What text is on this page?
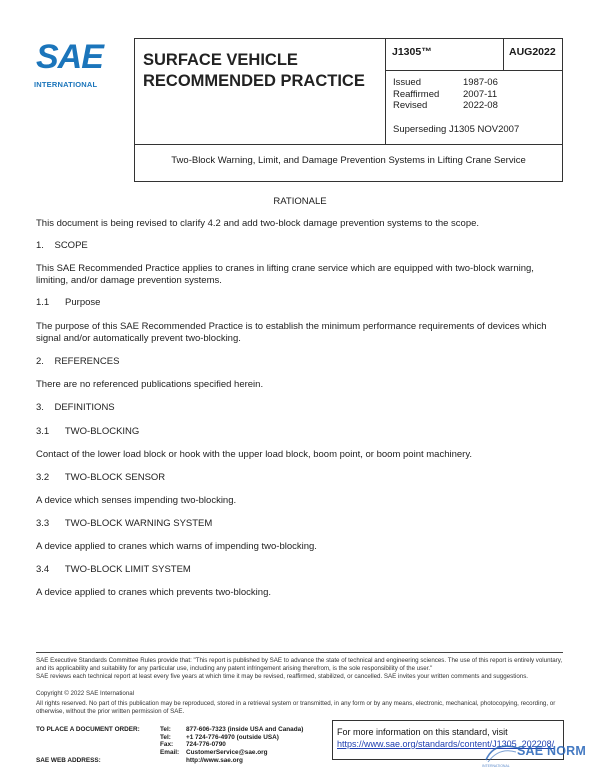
SAE
INTERNATIONAL
SURFACE VEHICLE
RECOMMENDED PRACTICE
J1305™	AUG2022
Issued
Reaffirmed
Revised
1987-06
2007-11
2022-08
Superseding J1305 NOV2007
Two-Block Warning, Limit, and Damage Prevention Systems in Lifting Crane Service
RATIONALE
This document is being revised to clarify 4.2 and add two-block damage prevention systems to the scope.
1.    SCOPE
This SAE Recommended Practice applies to cranes in lifting crane service which are equipped with two-block warning, limiting, and/or damage prevention systems.
1.1      Purpose
The purpose of this SAE Recommended Practice is to establish the minimum performance requirements of devices which signal and/or automatically prevent two-blocking.
2.    REFERENCES
There are no referenced publications specified herein.
3.    DEFINITIONS
3.1      TWO-BLOCKING
Contact of the lower load block or hook with the upper load block, boom point, or boom point machinery.
3.2      TWO-BLOCK SENSOR
A device which senses impending two-blocking.
3.3      TWO-BLOCK WARNING SYSTEM
A device applied to cranes which warns of impending two-blocking.
3.4      TWO-BLOCK LIMIT SYSTEM
A device applied to cranes which prevents two-blocking.
SAE Executive Standards Committee Rules provide that: "This report is published by SAE to advance the state of technical and engineering sciences. The use of this report is entirely voluntary, and its applicability and suitability for any particular use, including any patent infringement arising therefrom, is the sole responsibility of the user."
SAE reviews each technical report at least every five years at which time it may be revised, reaffirmed, stabilized, or cancelled. SAE invites your written comments and suggestions.
Copyright © 2022 SAE International
All rights reserved. No part of this publication may be reproduced, stored in a retrieval system or transmitted, in any form or by any means, electronic, mechanical, photocopying, recording, or otherwise, without the prior written permission of SAE.
TO PLACE A DOCUMENT ORDER:
SAE WEB ADDRESS:
Tel:
Tel:
Fax:
Email:
877-606-7323 (inside USA and Canada)
+1 724-776-4970 (outside USA)
724-776-0790
CustomerService@sae.org
http://www.sae.org
For more information on this standard, visit
https://www.sae.org/standards/content/J1305_202208/
SAE NORM
INTERNATIONAL
